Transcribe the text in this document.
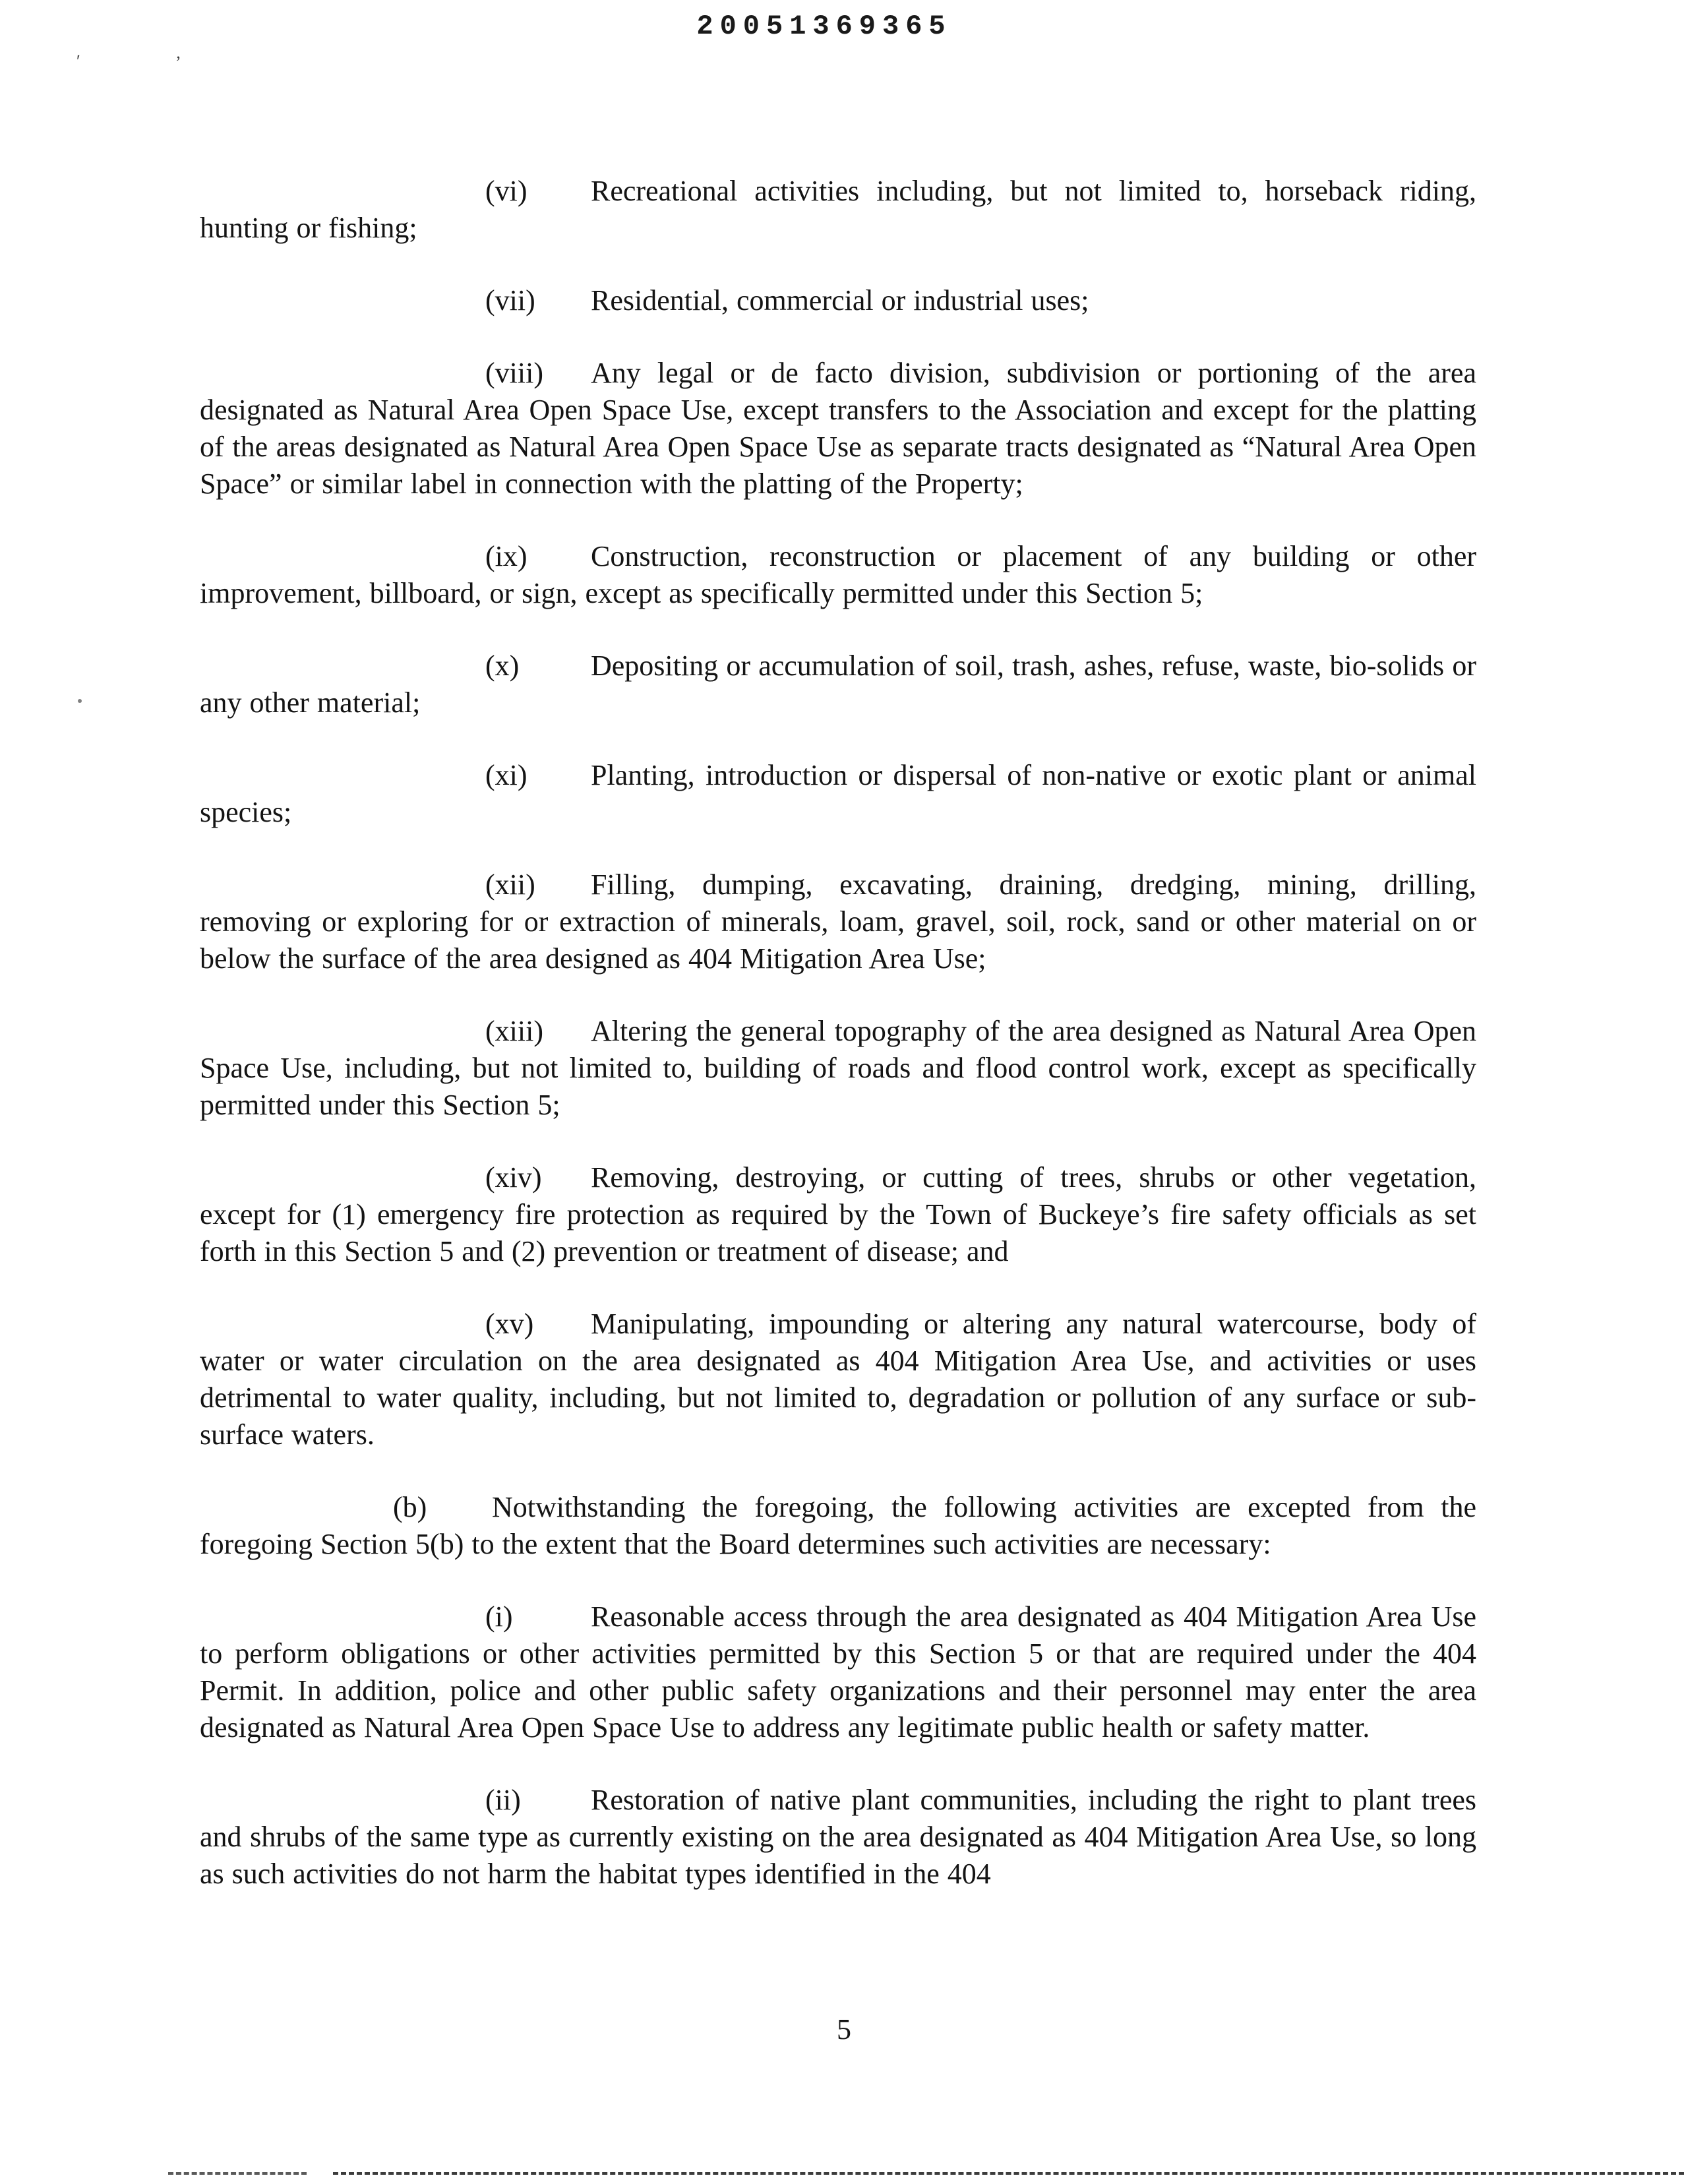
20051369365
ʹ	ʼ

(vi) Recreational activities including, but not limited to, horseback riding, hunting or fishing;

(vii) Residential, commercial or industrial uses;

(viii) Any legal or de facto division, subdivision or portioning of the area designated as Natural Area Open Space Use, except transfers to the Association and except for the platting of the areas designated as Natural Area Open Space Use as separate tracts designated as “Natural Area Open Space” or similar label in connection with the platting of the Property;

(ix) Construction, reconstruction or placement of any building or other improvement, billboard, or sign, except as specifically permitted under this Section 5;

(x) Depositing or accumulation of soil, trash, ashes, refuse, waste, bio-solids or any other material;

(xi) Planting, introduction or dispersal of non-native or exotic plant or animal species;

(xii) Filling, dumping, excavating, draining, dredging, mining, drilling, removing or exploring for or extraction of minerals, loam, gravel, soil, rock, sand or other material on or below the surface of the area designed as 404 Mitigation Area Use;

(xiii) Altering the general topography of the area designed as Natural Area Open Space Use, including, but not limited to, building of roads and flood control work, except as specifically permitted under this Section 5;

(xiv) Removing, destroying, or cutting of trees, shrubs or other vegetation, except for (1) emergency fire protection as required by the Town of Buckeye’s fire safety officials as set forth in this Section 5 and (2) prevention or treatment of disease; and

(xv) Manipulating, impounding or altering any natural watercourse, body of water or water circulation on the area designated as 404 Mitigation Area Use, and activities or uses detrimental to water quality, including, but not limited to, degradation or pollution of any surface or sub-surface waters.

(b) Notwithstanding the foregoing, the following activities are excepted from the foregoing Section 5(b) to the extent that the Board determines such activities are necessary:

(i)	Reasonable access through the area designated as 404 Mitigation Area Use to perform obligations or other activities permitted by this Section 5 or that are required under the 404 Permit. In addition, police and other public safety organizations and their personnel may enter the area designated as Natural Area Open Space Use to address any legitimate public health or safety matter.

(ii) Restoration of native plant communities, including the right to plant trees and shrubs of the same type as currently existing on the area designated as 404 Mitigation Area Use, so long as such activities do not harm the habitat types identified in the 404

5
